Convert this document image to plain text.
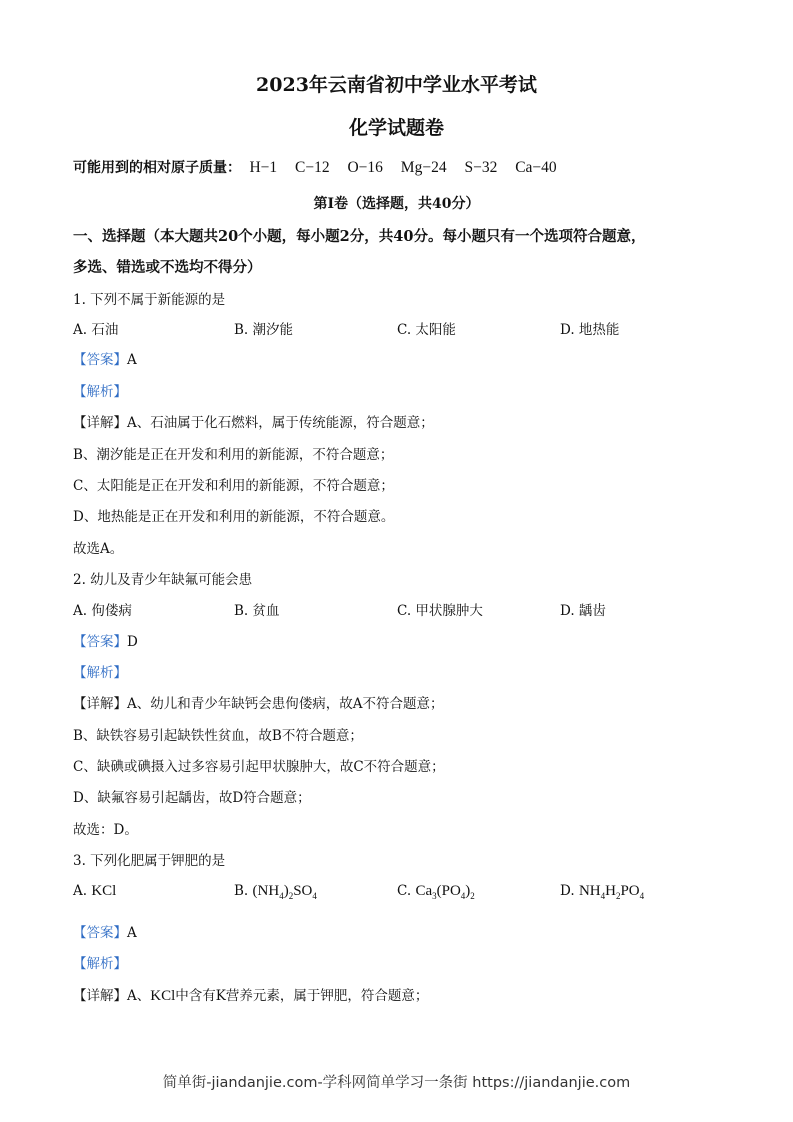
2023年云南省初中学业水平考试
化学试题卷
可能用到的相对原子质量： H−1 C−12 O−16 Mg−24 S−32 Ca−40
第I卷（选择题，共40分）
一、选择题（本大题共20个小题，每小题2分，共40分。每小题只有一个选项符合题意，
多选、错选或不选均不得分）
1. 下列不属于新能源的是
A. 石油	B. 潮汐能	C. 太阳能	D. 地热能
【答案】A
【解析】
【详解】A、石油属于化石燃料，属于传统能源，符合题意；
B、潮汐能是正在开发和利用的新能源，不符合题意；
C、太阳能是正在开发和利用的新能源，不符合题意；
D、地热能是正在开发和利用的新能源，不符合题意。
故选A。
2. 幼儿及青少年缺氟可能会患
A. 佝偻病	B. 贫血	C. 甲状腺肿大	D. 龋齿
【答案】D
【解析】
【详解】A、幼儿和青少年缺钙会患佝偻病，故A不符合题意；
B、缺铁容易引起缺铁性贫血，故B不符合题意；
C、缺碘或碘摄入过多容易引起甲状腺肿大，故C不符合题意；
D、缺氟容易引起龋齿，故D符合题意；
故选：D。
3. 下列化肥属于钾肥的是
A. KCl	B. $(NH_4)_2SO_4$	C. $Ca_3(PO_4)_2$	D. $NH_4H_2PO_4$
【答案】A
【解析】
【详解】A、KCl中含有K营养元素，属于钾肥，符合题意；
简单街-jiandanjie.com-学科网简单学习一条街 https://jiandanjie.com
